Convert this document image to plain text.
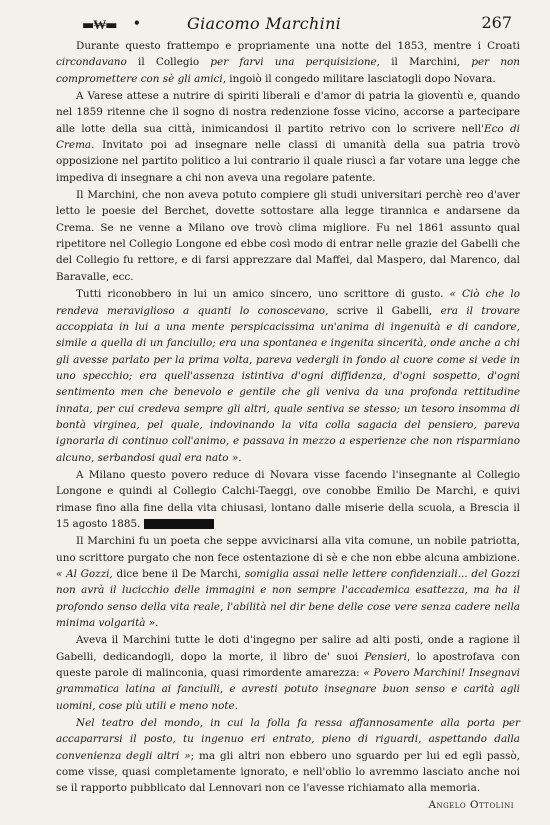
▬₩▬ •	Giacomo Marchini	267

Durante questo frattempo e propriamente una notte del 1853, mentre i Croati circondavano il Collegio per farvi una perquisizione, il Marchini, per non compromettere con sè gli amici, ingoiò il congedo militare lasciatogli dopo Novara.

A Varese attese a nutrire di spiriti liberali e d'amor di patria la gioventù e, quando nel 1859 ritenne che il sogno di nostra redenzione fosse vicino, accorse a partecipare alle lotte della sua città, inimicandosi il partito retrivo con lo scrivere nell'Eco di Crema. Invitato poi ad insegnare nelle classi di umanità della sua patria trovò opposizione nel partito politico a lui contrario il quale riuscì a far votare una legge che impediva di insegnare a chi non aveva una regolare patente.

Il Marchini, che non aveva potuto compiere gli studi universitari perchè reo d'aver letto le poesie del Berchet, dovette sottostare alla legge tirannica e andarsene da Crema. Se ne venne a Milano ove trovò clima migliore. Fu nel 1861 assunto qual ripetitore nel Collegio Longone ed ebbe così modo di entrar nelle grazie del Gabelli che del Collegio fu rettore, e di farsi apprezzare dal Maffei, dal Maspero, dal Marenco, dal Baravalle, ecc.

Tutti riconobbero in lui un amico sincero, uno scrittore di gusto. « Ciò che lo rendeva meraviglioso a quanti lo conoscevano, scrive il Gabelli, era il trovare accoppiata in lui a una mente perspicacissima un'anima di ingenuità e di candore, simile a quella di un fanciullo; era una spontanea e ingenita sincerità, onde anche a chi gli avesse parlato per la prima volta, pareva vedergli in fondo al cuore come si vede in uno specchio; era quell'assenza istintiva d'ogni diffidenza, d'ogni sospetto, d'ogni sentimento men che benevolo e gentile che gli veniva da una profonda rettitudine innata, per cui credeva sempre gli altri, quale sentiva se stesso; un tesoro insomma di bontà virginea, pel quale, indovinando la vita colla sagacia del pensiero, pareva ignorarla di continuo coll'animo, e passava in mezzo a esperienze che non risparmiano alcuno, serbandosi qual era nato ».

A Milano questo povero reduce di Novara visse facendo l'insegnante al Collegio Longone e quindi al Collegio Calchi-Taeggi, ove conobbe Emilio De Marchi, e quivi rimase fino alla fine della vita chiusasi, lontano dalle miserie della scuola, a Brescia il 15 agosto 1885.

Il Marchini fu un poeta che seppe avvicinarsi alla vita comune, un nobile patriotta, uno scrittore purgato che non fece ostentazione di sè e che non ebbe alcuna ambizione. « Al Gozzi, dice bene il De Marchi, somiglia assai nelle lettere confidenziali... del Gozzi non avrà il lucicchio delle immagini e non sempre l'accademica esattezza, ma ha il profondo senso della vita reale, l'abilità nel dir bene delle cose vere senza cadere nella minima volgarità ».

Aveva il Marchini tutte le doti d'ingegno per salire ad alti posti, onde a ragione il Gabelli, dedicandogli, dopo la morte, il libro de' suoi Pensieri, lo apostrofava con queste parole di malinconia, quasi rimordente amarezza: « Povero Marchini! Insegnavi grammatica latina ai fanciulli, e avresti potuto insegnare buon senso e carità agli uomini, cose più utili e meno note.

Nel teatro del mondo, in cui la folla fa ressa affannosamente alla porta per accaparrarsi il posto, tu ingenuo eri entrato, pieno di riguardi, aspettando dalla convenienza degli altri »; ma gli altri non ebbero uno sguardo per lui ed egli passò, come visse, quasi completamente ignorato, e nell'oblio lo avremmo lasciato anche noi se il rapporto pubblicato dal Lennovari non ce l'avesse richiamato alla memoria.

Angelo Ottolini
